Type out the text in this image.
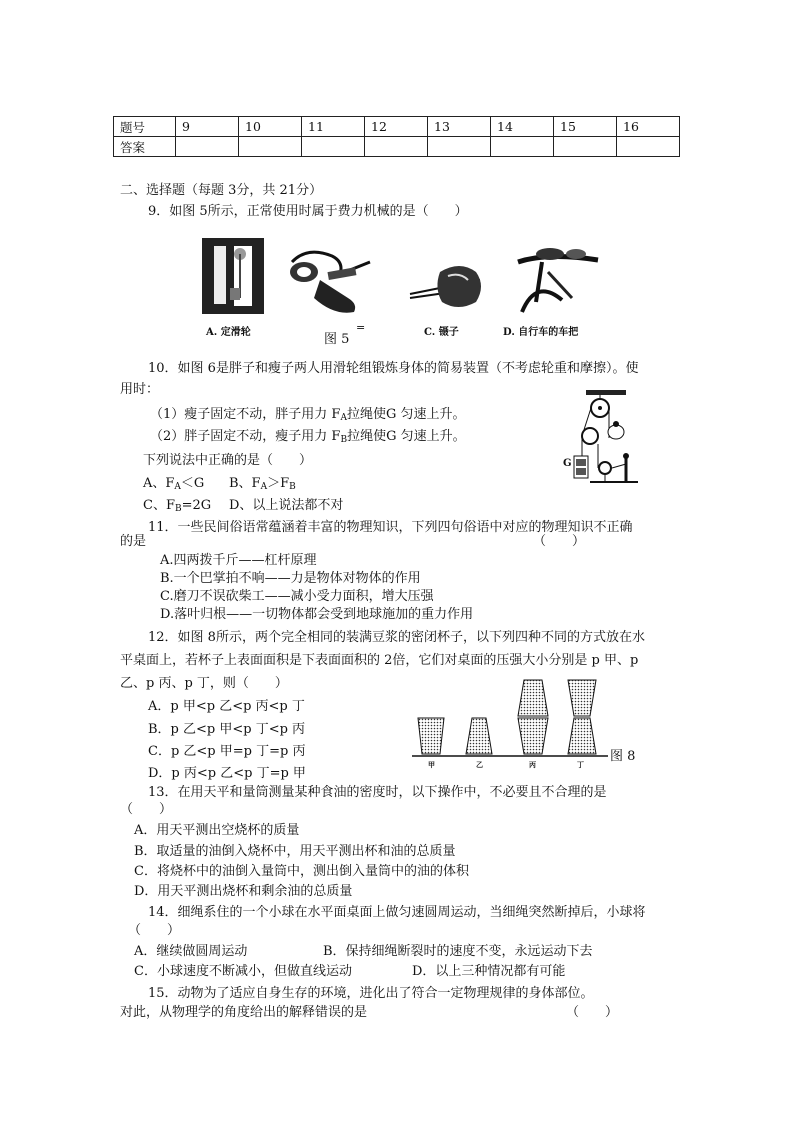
题号	9	10	11	12	13	14	15	16
答案								
二、选择题（每题 3分，共 21分）
9．如图 5所示，正常使用时属于费力机械的是（　　）
A. 定滑轮	=
图 5	C. 镊子	D. 自行车的车把
10．如图 6是胖子和瘦子两人用滑轮组锻炼身体的简易装置（不考虑轮重和摩擦）。使
用时：
（1）瘦子固定不动，胖子用力 $F_A$拉绳使G 匀速上升。
（2）胖子固定不动，瘦子用力 $F_B$拉绳使G 匀速上升。
下列说法中正确的是（　　）
A、$F_A<G$ B、$F_A>F_B$
C、$F_B=2G$ D、以上说法都不对
G
11．一些民间俗语常蕴涵着丰富的物理知识，下列四句俗语中对应的物理知识不正确
的是	（　　）
A.四两拨千斤——杠杆原理
B.一个巴掌拍不响——力是物体对物体的作用
C.磨刀不误砍柴工——减小受力面积，增大压强
D.落叶归根——一切物体都会受到地球施加的重力作用
12．如图 8所示，两个完全相同的装满豆浆的密闭杯子，以下列四种不同的方式放在水
平桌面上，若杯子上表面面积是下表面面积的 2倍，它们对桌面的压强大小分别是 p 甲、p
乙、p 丙、p 丁，则（　　）
A．p 甲<p 乙<p 丙<p 丁
B．p 乙<p 甲<p 丁<p 丙
C．p 乙<p 甲=p 丁=p 丙
D．p 丙<p 乙<p 丁=p 甲
甲	乙	丙	丁
图 8
13．在用天平和量筒测量某种食油的密度时，以下操作中，不必要且不合理的是
（　　）
A．用天平测出空烧杯的质量
B．取适量的油倒入烧杯中，用天平测出杯和油的总质量
C．将烧杯中的油倒入量筒中，测出倒入量筒中的油的体积
D．用天平测出烧杯和剩余油的总质量
14．细绳系住的一个小球在水平面桌面上做匀速圆周运动，当细绳突然断掉后，小球将
（　　）
A．继续做圆周运动	B．保持细绳断裂时的速度不变，永远运动下去
C．小球速度不断减小，但做直线运动	D．以上三种情况都有可能
15．动物为了适应自身生存的环境，进化出了符合一定物理规律的身体部位。
对此，从物理学的角度给出的解释错误的是	（　　）
